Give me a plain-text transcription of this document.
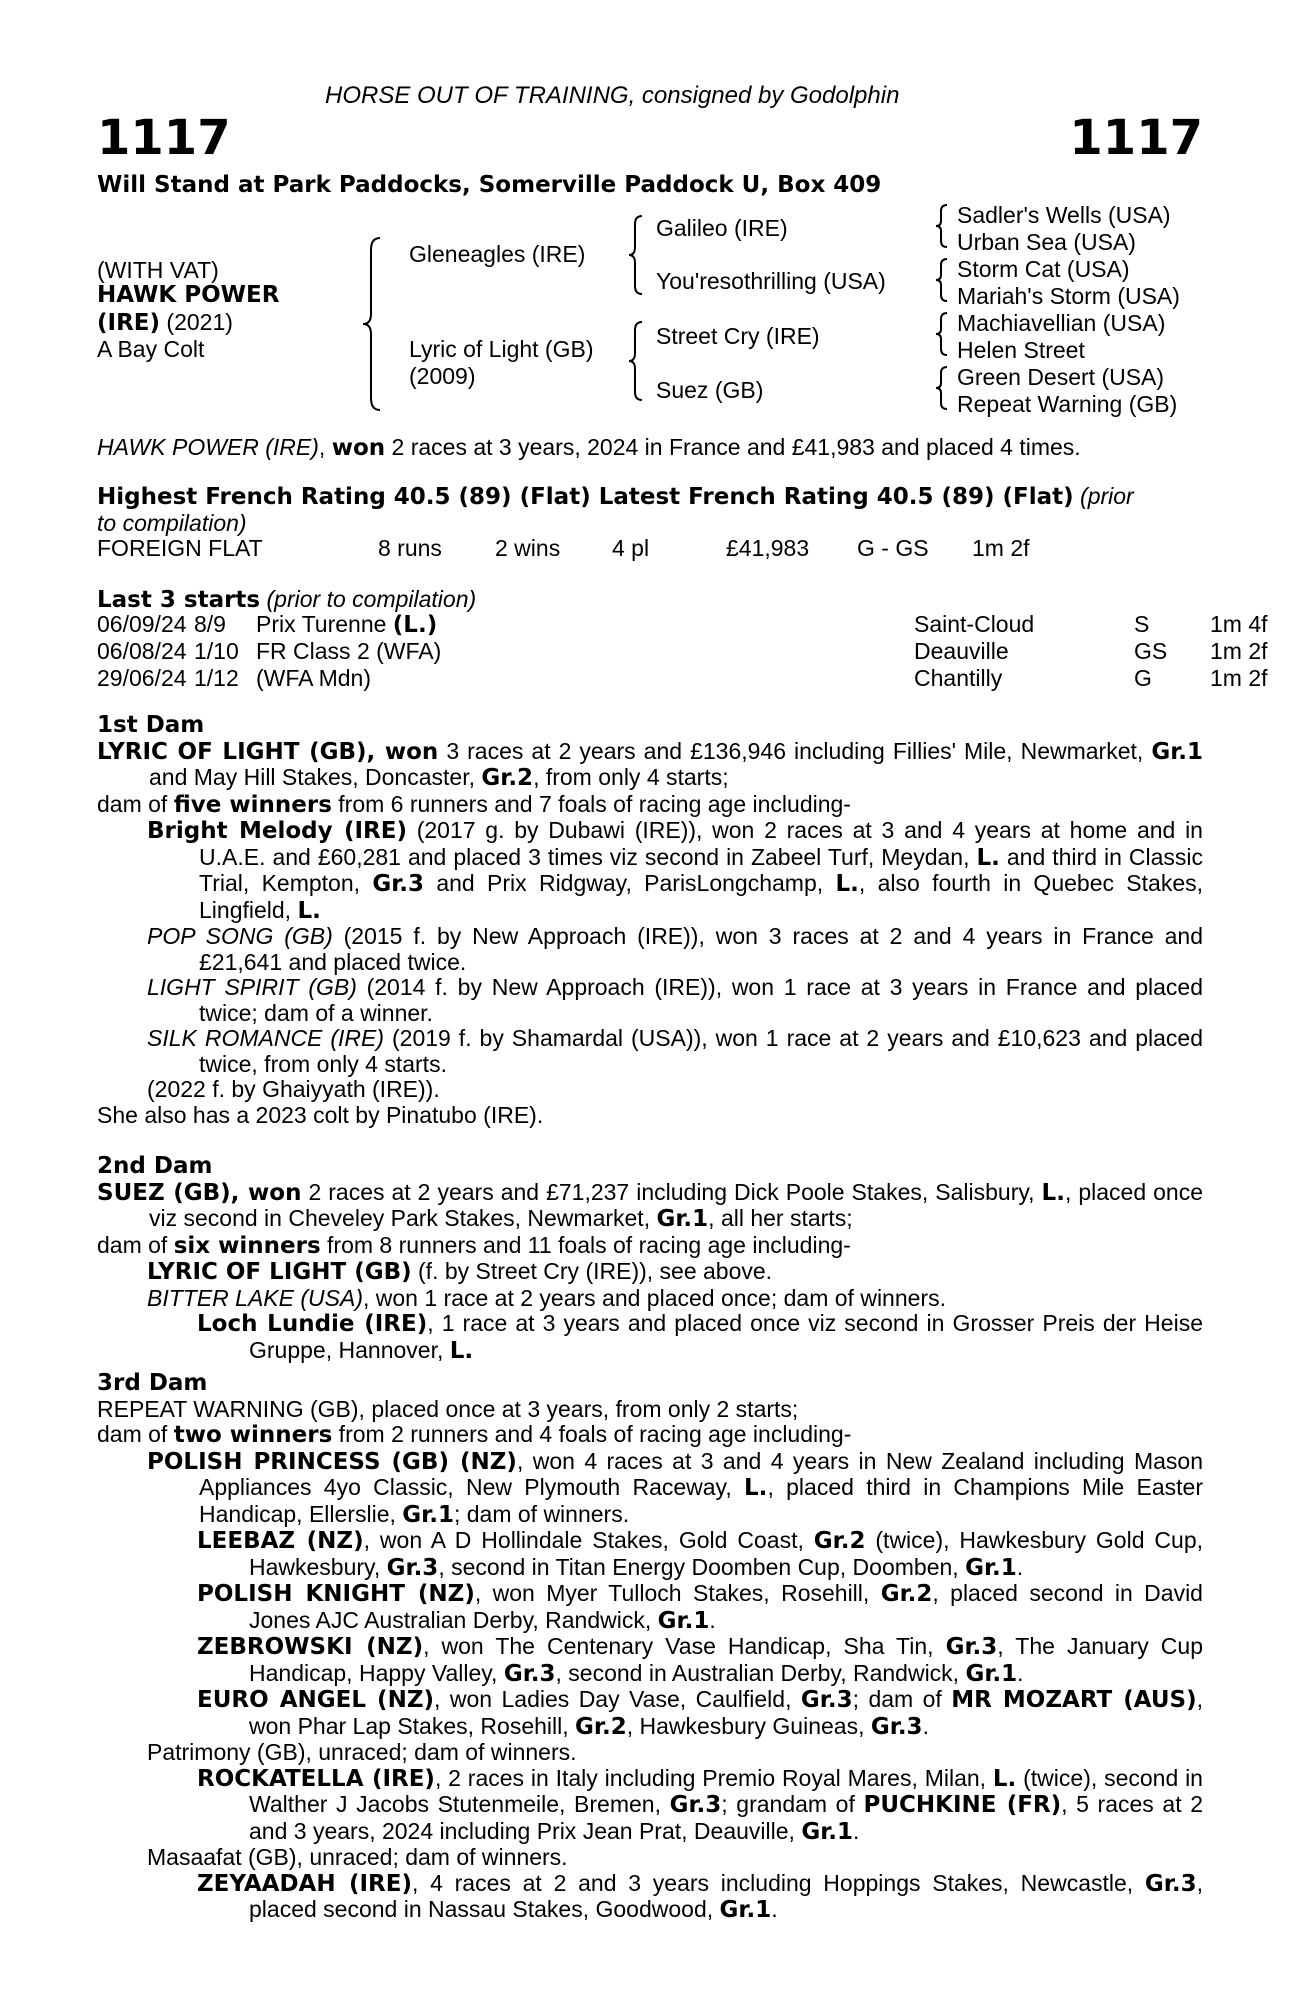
HORSE OUT OF TRAINING, consigned by Godolphin
1117	1117
Will Stand at Park Paddocks, Somerville Paddock U, Box 409
(WITH VAT)
HAWK POWER
(IRE) (2021)
A Bay Colt
Gleneagles (IRE)
Lyric of Light (GB)
(2009)
Galileo (IRE)
You'resothrilling (USA)
Street Cry (IRE)
Suez (GB)
Sadler's Wells (USA)
Urban Sea (USA)
Storm Cat (USA)
Mariah's Storm (USA)
Machiavellian (USA)
Helen Street
Green Desert (USA)
Repeat Warning (GB)
HAWK POWER (IRE), won 2 races at 3 years, 2024 in France and £41,983 and placed 4 times.

Highest French Rating 40.5 (89) (Flat) Latest French Rating 40.5 (89) (Flat) (prior

to compilation)

FOREIGN FLAT	8 runs 2 wins 4 pl	£41,983 G - GS 1m 2f
Last 3 starts (prior to compilation)
06/09/24	8/9	Prix Turenne (L.)	Saint-Cloud	S	1m 4f
06/08/24	1/10	FR Class 2 (WFA)	Deauville	GS	1m 2f
29/06/24	1/12	(WFA Mdn)	Chantilly	G	1m 2f

1st Dam

LYRIC OF LIGHT (GB), won 3 races at 2 years and £136,946 including Fillies' Mile, Newmarket, Gr.1 and May Hill Stakes, Doncaster, Gr.2, from only 4 starts;

dam of five winners from 6 runners and 7 foals of racing age including-

Bright Melody (IRE) (2017 g. by Dubawi (IRE)), won 2 races at 3 and 4 years at home and in U.A.E. and £60,281 and placed 3 times viz second in Zabeel Turf, Meydan, L. and third in Classic Trial, Kempton, Gr.3 and Prix Ridgway, ParisLongchamp, L., also fourth in Quebec Stakes, Lingfield, L.

POP SONG (GB) (2015 f. by New Approach (IRE)), won 3 races at 2 and 4 years in France and £21,641 and placed twice.

LIGHT SPIRIT (GB) (2014 f. by New Approach (IRE)), won 1 race at 3 years in France and placed twice; dam of a winner.

SILK ROMANCE (IRE) (2019 f. by Shamardal (USA)), won 1 race at 2 years and £10,623 and placed twice, from only 4 starts.

(2022 f. by Ghaiyyath (IRE)).

She also has a 2023 colt by Pinatubo (IRE).

2nd Dam

SUEZ (GB), won 2 races at 2 years and £71,237 including Dick Poole Stakes, Salisbury, L., placed once viz second in Cheveley Park Stakes, Newmarket, Gr.1, all her starts;

dam of six winners from 8 runners and 11 foals of racing age including-

LYRIC OF LIGHT (GB) (f. by Street Cry (IRE)), see above.

BITTER LAKE (USA), won 1 race at 2 years and placed once; dam of winners.

Loch Lundie (IRE), 1 race at 3 years and placed once viz second in Grosser Preis der Heise Gruppe, Hannover, L.

3rd Dam

REPEAT WARNING (GB), placed once at 3 years, from only 2 starts;

dam of two winners from 2 runners and 4 foals of racing age including-

POLISH PRINCESS (GB) (NZ), won 4 races at 3 and 4 years in New Zealand including Mason Appliances 4yo Classic, New Plymouth Raceway, L., placed third in Champions Mile Easter Handicap, Ellerslie, Gr.1; dam of winners.

LEEBAZ (NZ), won A D Hollindale Stakes, Gold Coast, Gr.2 (twice), Hawkesbury Gold Cup, Hawkesbury, Gr.3, second in Titan Energy Doomben Cup, Doomben, Gr.1.

POLISH KNIGHT (NZ), won Myer Tulloch Stakes, Rosehill, Gr.2, placed second in David Jones AJC Australian Derby, Randwick, Gr.1.

ZEBROWSKI (NZ), won The Centenary Vase Handicap, Sha Tin, Gr.3, The January Cup Handicap, Happy Valley, Gr.3, second in Australian Derby, Randwick, Gr.1.

EURO ANGEL (NZ), won Ladies Day Vase, Caulfield, Gr.3; dam of MR MOZART (AUS), won Phar Lap Stakes, Rosehill, Gr.2, Hawkesbury Guineas, Gr.3.

Patrimony (GB), unraced; dam of winners.

ROCKATELLA (IRE), 2 races in Italy including Premio Royal Mares, Milan, L. (twice), second in Walther J Jacobs Stutenmeile, Bremen, Gr.3; grandam of PUCHKINE (FR), 5 races at 2 and 3 years, 2024 including Prix Jean Prat, Deauville, Gr.1.

Masaafat (GB), unraced; dam of winners.

ZEYAADAH (IRE), 4 races at 2 and 3 years including Hoppings Stakes, Newcastle, Gr.3, placed second in Nassau Stakes, Goodwood, Gr.1.
